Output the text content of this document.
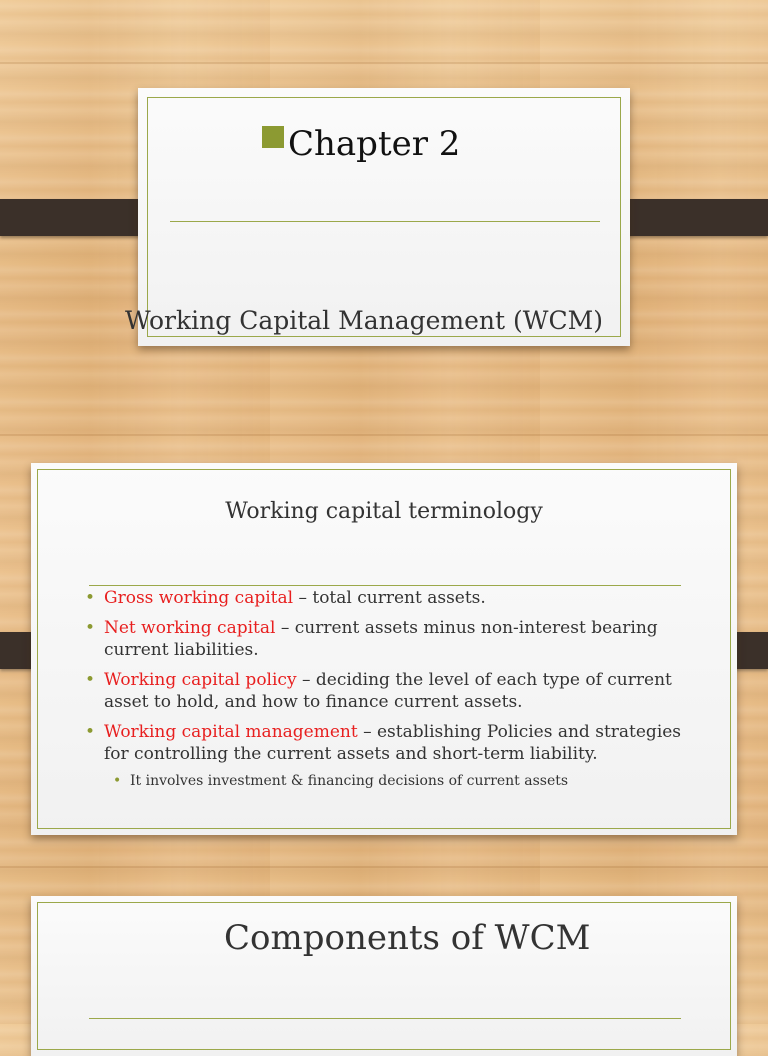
Chapter 2
Working Capital Management (WCM)
Working capital terminology
• Gross working capital – total current assets.
• Net working capital – current assets minus non-interest bearing current liabilities.
• Working capital policy – deciding the level of each type of current asset to hold, and how to finance current assets.
• Working capital management – establishing Policies and strategies for controlling the current assets and short-term liability.
• It involves investment & financing decisions of current assets
Components of WCM
